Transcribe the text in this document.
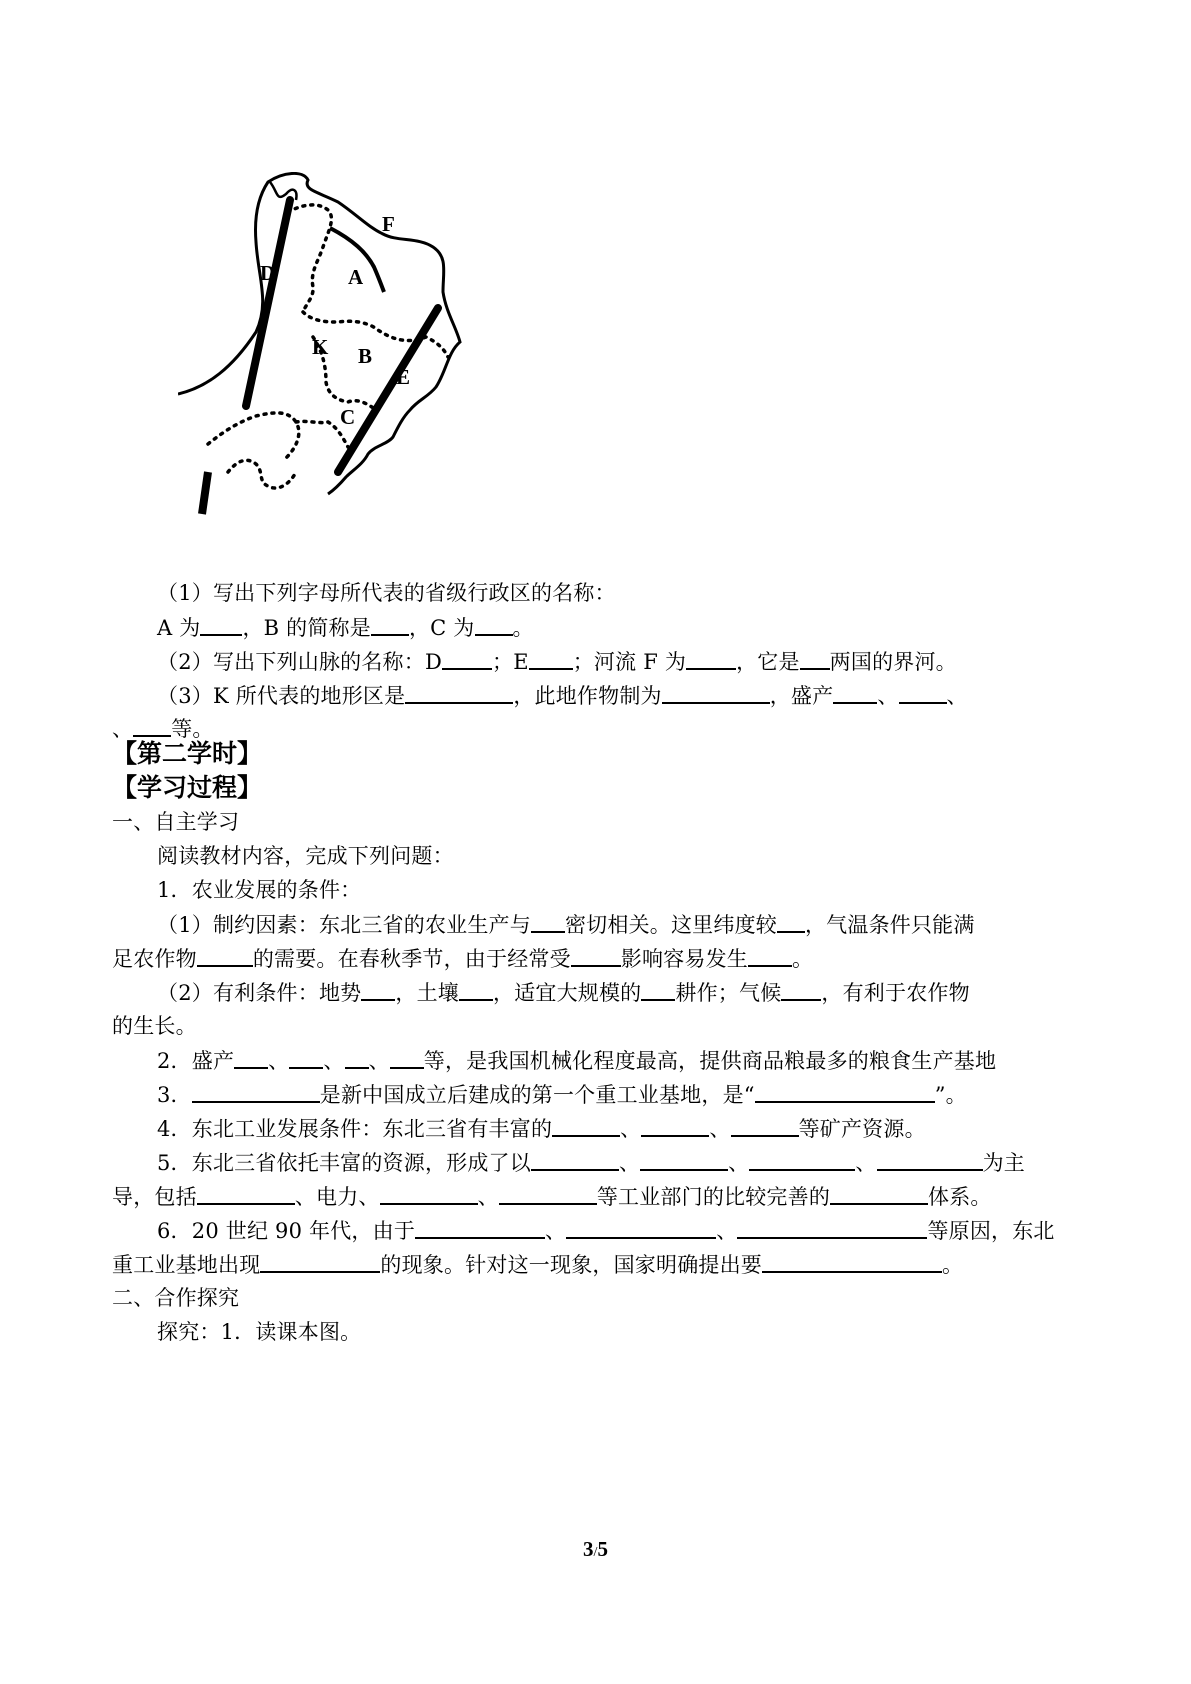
F
D	A
K B
E
C
（1）写出下列字母所代表的省级行政区的名称：
A 为 ，B 的简称是 ，C 为 。
（2）写出下列山脉的名称：D ；E ；河流 F 为 ，它是 两国的界河。
（3）K 所代表的地形区是	，此地作物制为	，盛产 、 、
、 等。
【第二学时】
【学习过程】
一、自主学习
阅读教材内容，完成下列问题：
1．农业发展的条件：
（1）制约因素：东北三省的农业生产与 密切相关。这里纬度较 ，气温条件只能满
足农作物	的需要。在春秋季节，由于经常受 影响容易发生 。
（2）有利条件：地势 ，土壤 ，适宜大规模的 耕作；气候 ，有利于农作物
的生长。
2．盛产 、 、 、 等，是我国机械化程度最高，提供商品粮最多的粮食生产基地
3．	是新中国成立后建成的第一个重工业基地，是“	”。
4．东北工业发展条件：东北三省有丰富的	、	、	等矿产资源。
5．东北三省依托丰富的资源，形成了以	、	、	、	为主
导，包括	、电力、	、	等工业部门的比较完善的	体系。
6．20 世纪 90 年代，由于	、	、	等原因，东北
重工业基地出现	的现象。针对这一现象，国家明确提出要	。
二、合作探究
探究：1．读课本图。
3/5
